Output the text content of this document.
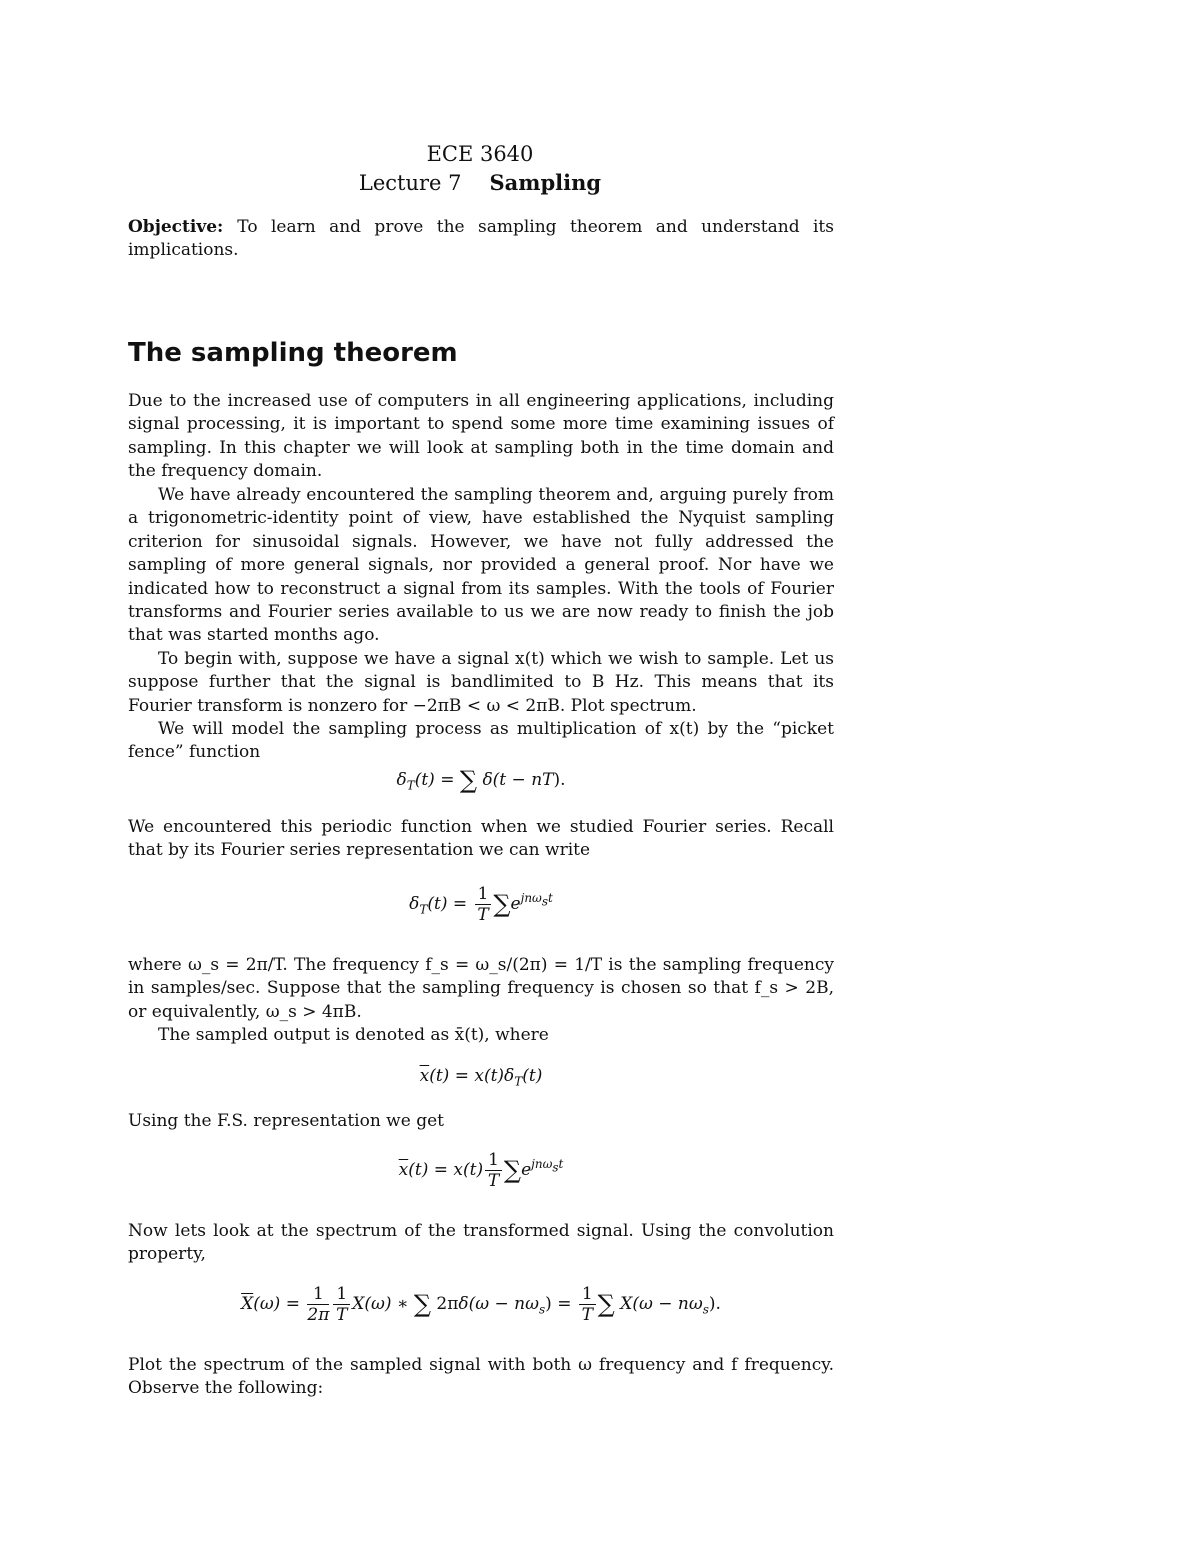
ECE 3640
Lecture 7 Sampling
Objective: To learn and prove the sampling theorem and understand its implications.
The sampling theorem
Due to the increased use of computers in all engineering applications, including signal processing, it is important to spend some more time examining issues of sampling. In this chapter we will look at sampling both in the time domain and the frequency domain.
We have already encountered the sampling theorem and, arguing purely from a trigonometric-identity point of view, have established the Nyquist sampling criterion for sinusoidal signals. However, we have not fully addressed the sampling of more general signals, nor provided a general proof. Nor have we indicated how to reconstruct a signal from its samples. With the tools of Fourier transforms and Fourier series available to us we are now ready to finish the job that was started months ago.
To begin with, suppose we have a signal x(t) which we wish to sample. Let us suppose further that the signal is bandlimited to B Hz. This means that its Fourier transform is nonzero for −2πB < ω < 2πB. Plot spectrum.
We will model the sampling process as multiplication of x(t) by the “picket fence” function
$\delta_T(t)$ = ∑ δ(t − nT).
We encountered this periodic function when we studied Fourier series. Recall that by its Fourier series representation we can write
$\delta_T(t) = \frac{1}{T} \sum e^{jn\omega_st}$
where ω_s = 2π/T. The frequency f_s = ω_s/(2π) = 1/T is the sampling frequency in samples/sec. Suppose that the sampling frequency is chosen so that f_s > 2B, or equivalently, ω_s > 4πB.
The sampled output is denoted as x̄(t), where
$\overline{x}(t) = x(t)\delta_T(t)$
Using the F.S. representation we get
$\overline{x}(t) = x(t) \frac{1}{T} \sum e^{jn\omega_st}$
Now lets look at the spectrum of the transformed signal. Using the convolution property,
$\overline{X}(\omega) = \frac{1}{2\pi} \frac{1}{T} X(\omega)$ ∗ ∑ $2\pi\delta(\omega - n\omega_s) = \frac{1}{T}$ ∑ $X(\omega - n\omega_s)$.
Plot the spectrum of the sampled signal with both ω frequency and f frequency. Observe the following:
